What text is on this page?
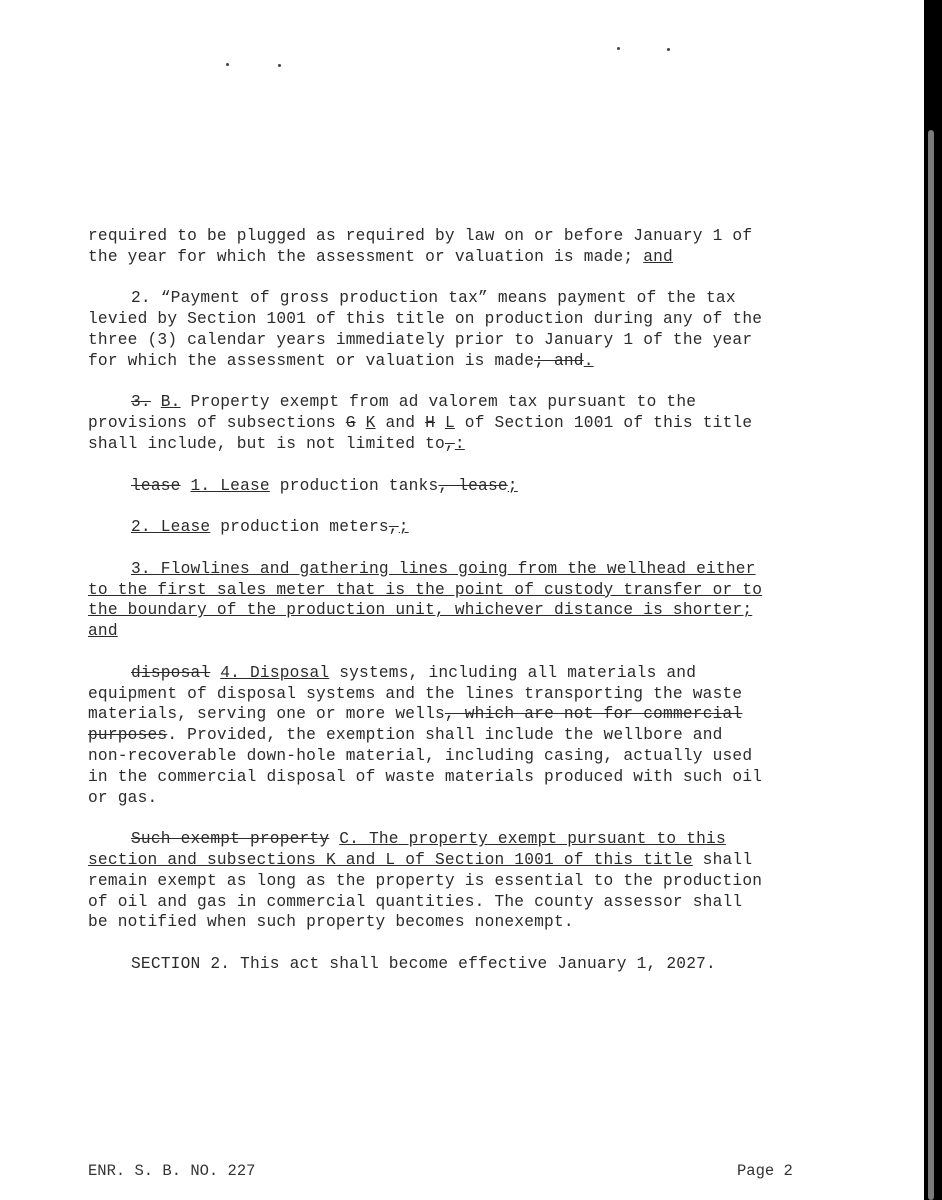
required to be plugged as required by law on or before January 1 of
the year for which the assessment or valuation is made; and
2. “Payment of gross production tax” means payment of the tax
levied by Section 1001 of this title on production during any of the
three (3) calendar years immediately prior to January 1 of the year
for which the assessment or valuation is made; and.
3. B. Property exempt from ad valorem tax pursuant to the
provisions of subsections G K and H L of Section 1001 of this title
shall include, but is not limited to,:
lease 1. Lease production tanks, lease;
2. Lease production meters,;
3. Flowlines and gathering lines going from the wellhead either
to the first sales meter that is the point of custody transfer or to
the boundary of the production unit, whichever distance is shorter;
and
disposal 4. Disposal systems, including all materials and
equipment of disposal systems and the lines transporting the waste
materials, serving one or more wells, which are not for commercial
purposes. Provided, the exemption shall include the wellbore and
non-recoverable down-hole material, including casing, actually used
in the commercial disposal of waste materials produced with such oil
or gas.
Such exempt property C. The property exempt pursuant to this
section and subsections K and L of Section 1001 of this title shall
remain exempt as long as the property is essential to the production
of oil and gas in commercial quantities. The county assessor shall
be notified when such property becomes nonexempt.
SECTION 2. This act shall become effective January 1, 2027.
ENR. S. B. NO. 227	Page 2
